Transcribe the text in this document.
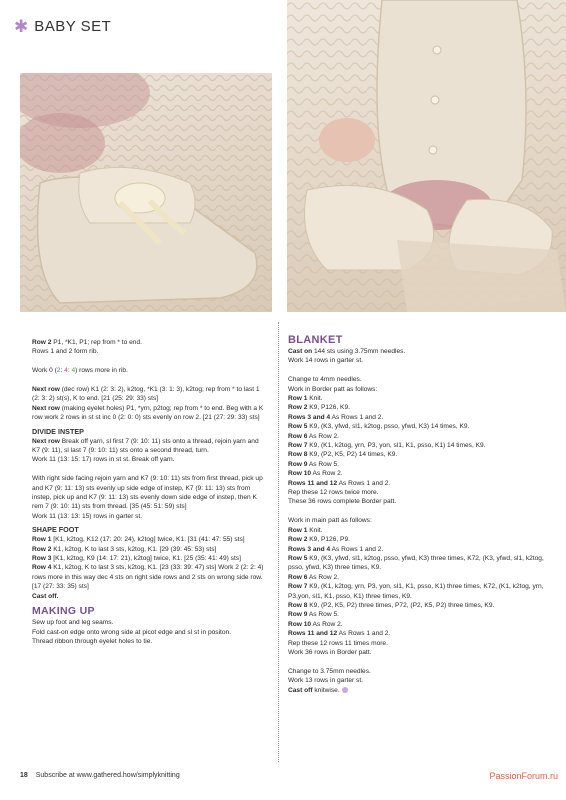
✱ BABY SET

Row 2 P1, *K1, P1; rep from * to end.

Rows 1 and 2 form rib.

Work 0 (2: 4: 4) rows more in rib.

Next row (dec row) K1 (2: 3: 2), k2tog, *K1 (3: 1: 3), k2tog; rep from * to last 1 (2: 3: 2) st(s), K to end. [21 (25: 29: 33) sts]

Next row (making eyelet holes) P1, *yrn, p2tog; rep from * to end. Beg with a K row work 2 rows in st st inc 0 (2: 0: 0) sts evenly on row 2. [21 (27: 29: 33) sts]

DIVIDE INSTEP

Next row Break off yarn, sl first 7 (9: 10: 11) sts onto a thread, rejoin yarn and K7 (9: 11), sl last 7 (9: 10: 11) sts onto a second thread, turn.

Work 11 (13: 15: 17) rows in st st. Break off yarn.

With right side facing rejoin yarn and K7 (9: 10: 11) sts from first thread, pick up and K7 (9: 11: 13) sts evenly up side edge of instep, K7 (9: 11: 13) sts from instep, pick up and K7 (9: 11: 13) sts evenly down side edge of instep, then K rem 7 (9: 10: 11) sts from thread. [35 (45: 51: 59) sts]

Work 11 (13: 13: 15) rows in garter st.

SHAPE FOOT

Row 1 [K1, k2tog, K12 (17: 20: 24), k2tog] twice, K1. [31 (41: 47: 55) sts]

Row 2 K1, k2tog, K to last 3 sts, k2tog, K1. [29 (39: 45: 53) sts]

Row 3 [K1, k2tog, K9 (14: 17: 21), k2tog] twice, K1. [25 (35: 41: 49) sts]

Row 4 K1, k2tog, K to last 3 sts, k2tog, K1. [23 (33: 39: 47) sts] Work 2 (2: 2: 4) rows more in this way dec 4 sts on right side rows and 2 sts on wrong side row. [17 (27: 33: 35) sts]

Cast off.

MAKING UP

Sew up foot and leg seams.

Fold cast-on edge onto wrong side at picot edge and sl st in positon.

Thread ribbon through eyelet holes to tie.

BLANKET

Cast on 144 sts using 3.75mm needles.

Work 14 rows in garter st.

Change to 4mm needles.

Work in Border patt as follows:

Row 1 Knit.

Row 2 K9, P126, K9.

Rows 3 and 4 As Rows 1 and 2.

Row 5 K9, (K3, yfwd, sl1, k2tog, psso, yfwd, K3) 14 times, K9.

Row 6 As Row 2.

Row 7 K9, (K1, k2tog, yrn, P3, yon, sl1, K1, psso, K1) 14 times, K9.

Row 8 K9, (P2, K5, P2) 14 times, K9.

Row 9 As Row 5.

Row 10 As Row 2.

Rows 11 and 12 As Rows 1 and 2.

Rep these 12 rows twice more.

These 36 rows complete Border patt.

Work in main patt as follows:

Row 1 Knit.

Row 2 K9, P126, P9.

Rows 3 and 4 As Rows 1 and 2.

Row 5 K9, (K3, yfwd, sl1, k2tog, psso, yfwd, K3) three times, K72, (K3, yfwd, sl1, k2tog, psso, yfwd, K3) three times, K9.

Row 6 As Row 2.

Row 7 K9, (K1, k2tog, yrn, P3, yon, sl1, K1, psso, K1) three times, K72, (K1, k2tog, yrn, P3,yon, sl1, K1, psso, K1) three times, K9.

Row 8 K9, (P2, K5, P2) three times, P72, (P2, K5, P2) three times, K9.

Row 9 As Row 5.

Row 10 As Row 2.

Rows 11 and 12 As Rows 1 and 2.

Rep these 12 rows 11 times more.

Work 36 rows in Border patt.

Change to 3.75mm needles.

Work 13 rows in garter st.

Cast off knitwise.

18 Subscribe at www.gathered.how/simplyknitting	PassionForum.ru
